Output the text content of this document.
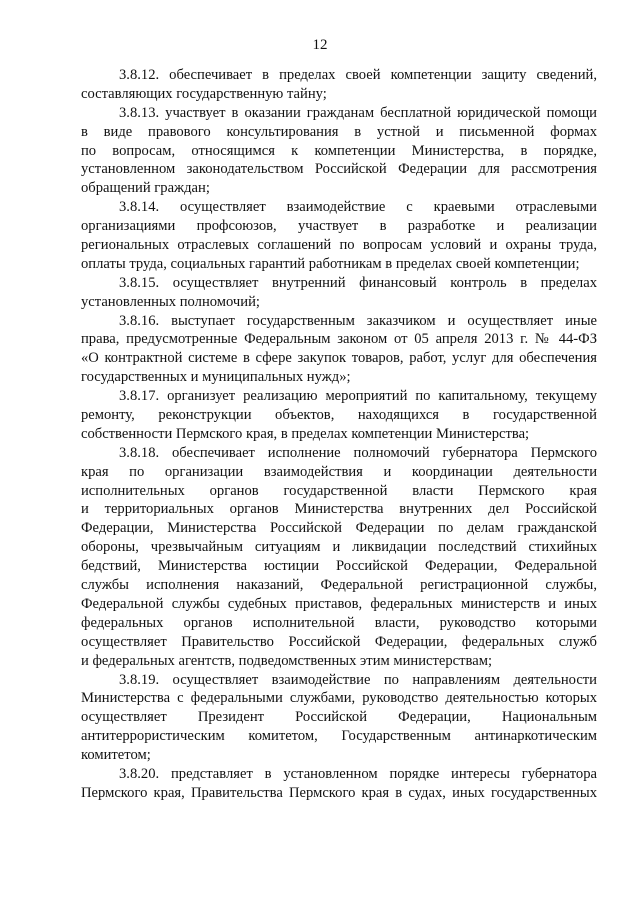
12
3.8.12. обеспечивает в пределах своей компетенции защиту сведений,
составляющих государственную тайну;
3.8.13. участвует в оказании гражданам бесплатной юридической помощи
в виде правового консультирования в устной и письменной формах
по вопросам, относящимся к компетенции Министерства, в порядке,
установленном законодательством Российской Федерации для рассмотрения
обращений граждан;
3.8.14. осуществляет взаимодействие с краевыми отраслевыми
организациями профсоюзов, участвует в разработке и реализации
региональных отраслевых соглашений по вопросам условий и охраны труда,
оплаты труда, социальных гарантий работникам в пределах своей компетенции;
3.8.15. осуществляет внутренний финансовый контроль в пределах
установленных полномочий;
3.8.16. выступает государственным заказчиком и осуществляет иные
права, предусмотренные Федеральным законом от 05 апреля 2013 г. № 44-ФЗ
«О контрактной системе в сфере закупок товаров, работ, услуг для обеспечения
государственных и муниципальных нужд»;
3.8.17. организует реализацию мероприятий по капитальному, текущему
ремонту, реконструкции объектов, находящихся в государственной
собственности Пермского края, в пределах компетенции Министерства;
3.8.18. обеспечивает исполнение полномочий губернатора Пермского
края по организации взаимодействия и координации деятельности
исполнительных органов государственной власти Пермского края
и территориальных органов Министерства внутренних дел Российской
Федерации, Министерства Российской Федерации по делам гражданской
обороны, чрезвычайным ситуациям и ликвидации последствий стихийных
бедствий, Министерства юстиции Российской Федерации, Федеральной
службы исполнения наказаний, Федеральной регистрационной службы,
Федеральной службы судебных приставов, федеральных министерств и иных
федеральных органов исполнительной власти, руководство которыми
осуществляет Правительство Российской Федерации, федеральных служб
и федеральных агентств, подведомственных этим министерствам;
3.8.19. осуществляет взаимодействие по направлениям деятельности
Министерства с федеральными службами, руководство деятельностью которых
осуществляет Президент Российской Федерации, Национальным
антитеррористическим комитетом, Государственным антинаркотическим
комитетом;
3.8.20. представляет в установленном порядке интересы губернатора
Пермского края, Правительства Пермского края в судах, иных государственных
